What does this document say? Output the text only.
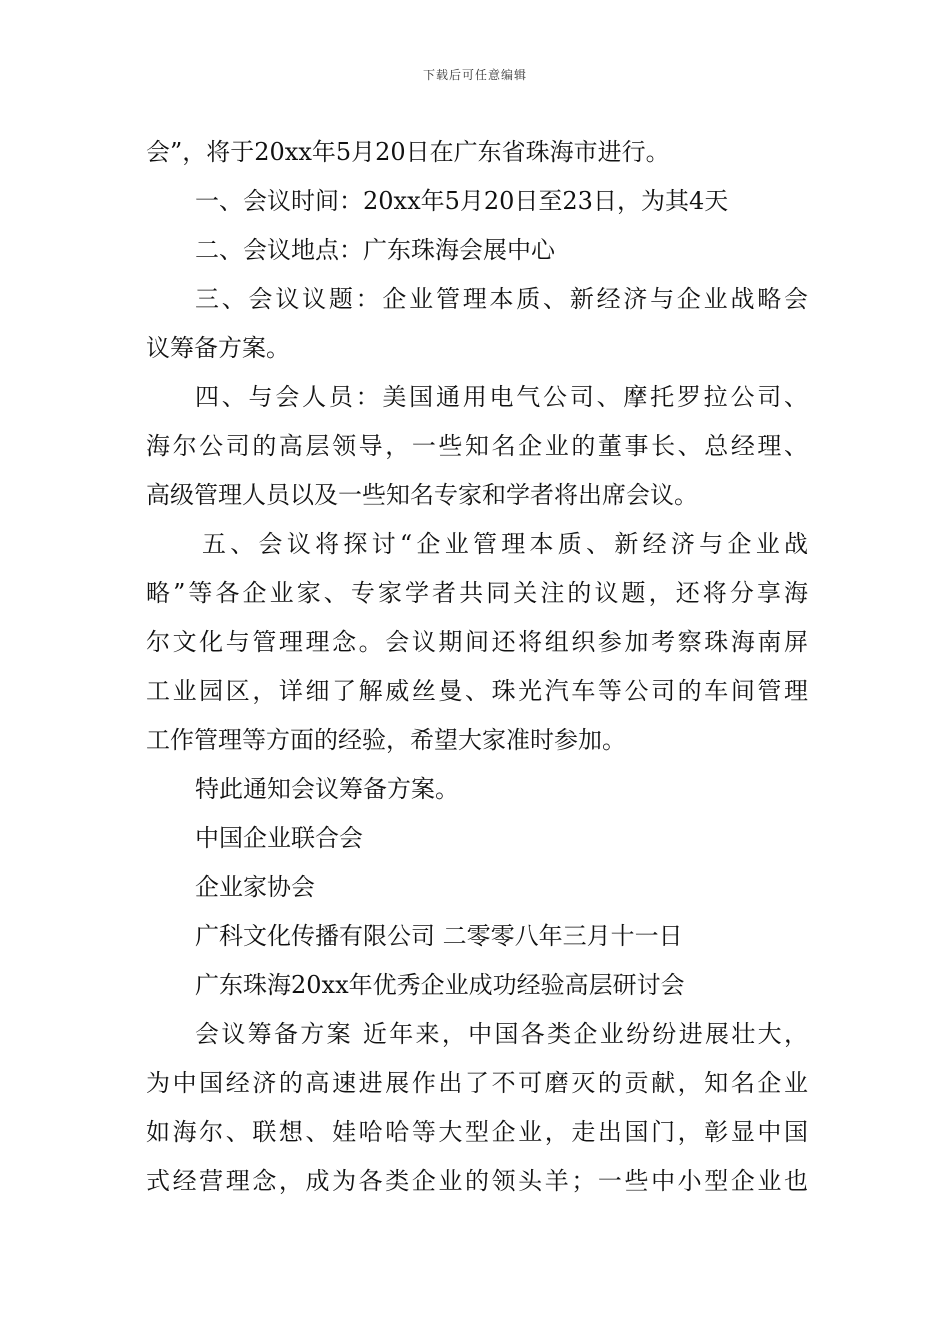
下载后可任意编辑
会”，将于20xx年5月20日在广东省珠海市进行。
一、会议时间：20xx年5月20日至23日，为其4天
二、会议地点：广东珠海会展中心
三、会议议题：企业管理本质、新经济与企业战略会
议筹备方案。
四、与会人员：美国通用电气公司、摩托罗拉公司、
海尔公司的高层领导，一些知名企业的董事长、总经理、
高级管理人员以及一些知名专家和学者将出席会议。
五、会议将探讨“企业管理本质、新经济与企业战
略”等各企业家、专家学者共同关注的议题，还将分享海
尔文化与管理理念。会议期间还将组织参加考察珠海南屏
工业园区，详细了解威丝曼、珠光汽车等公司的车间管理
工作管理等方面的经验，希望大家准时参加。
特此通知会议筹备方案。
中国企业联合会
企业家协会
广科文化传播有限公司 二零零八年三月十一日
广东珠海20xx年优秀企业成功经验高层研讨会
会议筹备方案 近年来，中国各类企业纷纷进展壮大，
为中国经济的高速进展作出了不可磨灭的贡献，知名企业
如海尔、联想、娃哈哈等大型企业，走出国门，彰显中国
式经营理念，成为各类企业的领头羊；一些中小型企业也
